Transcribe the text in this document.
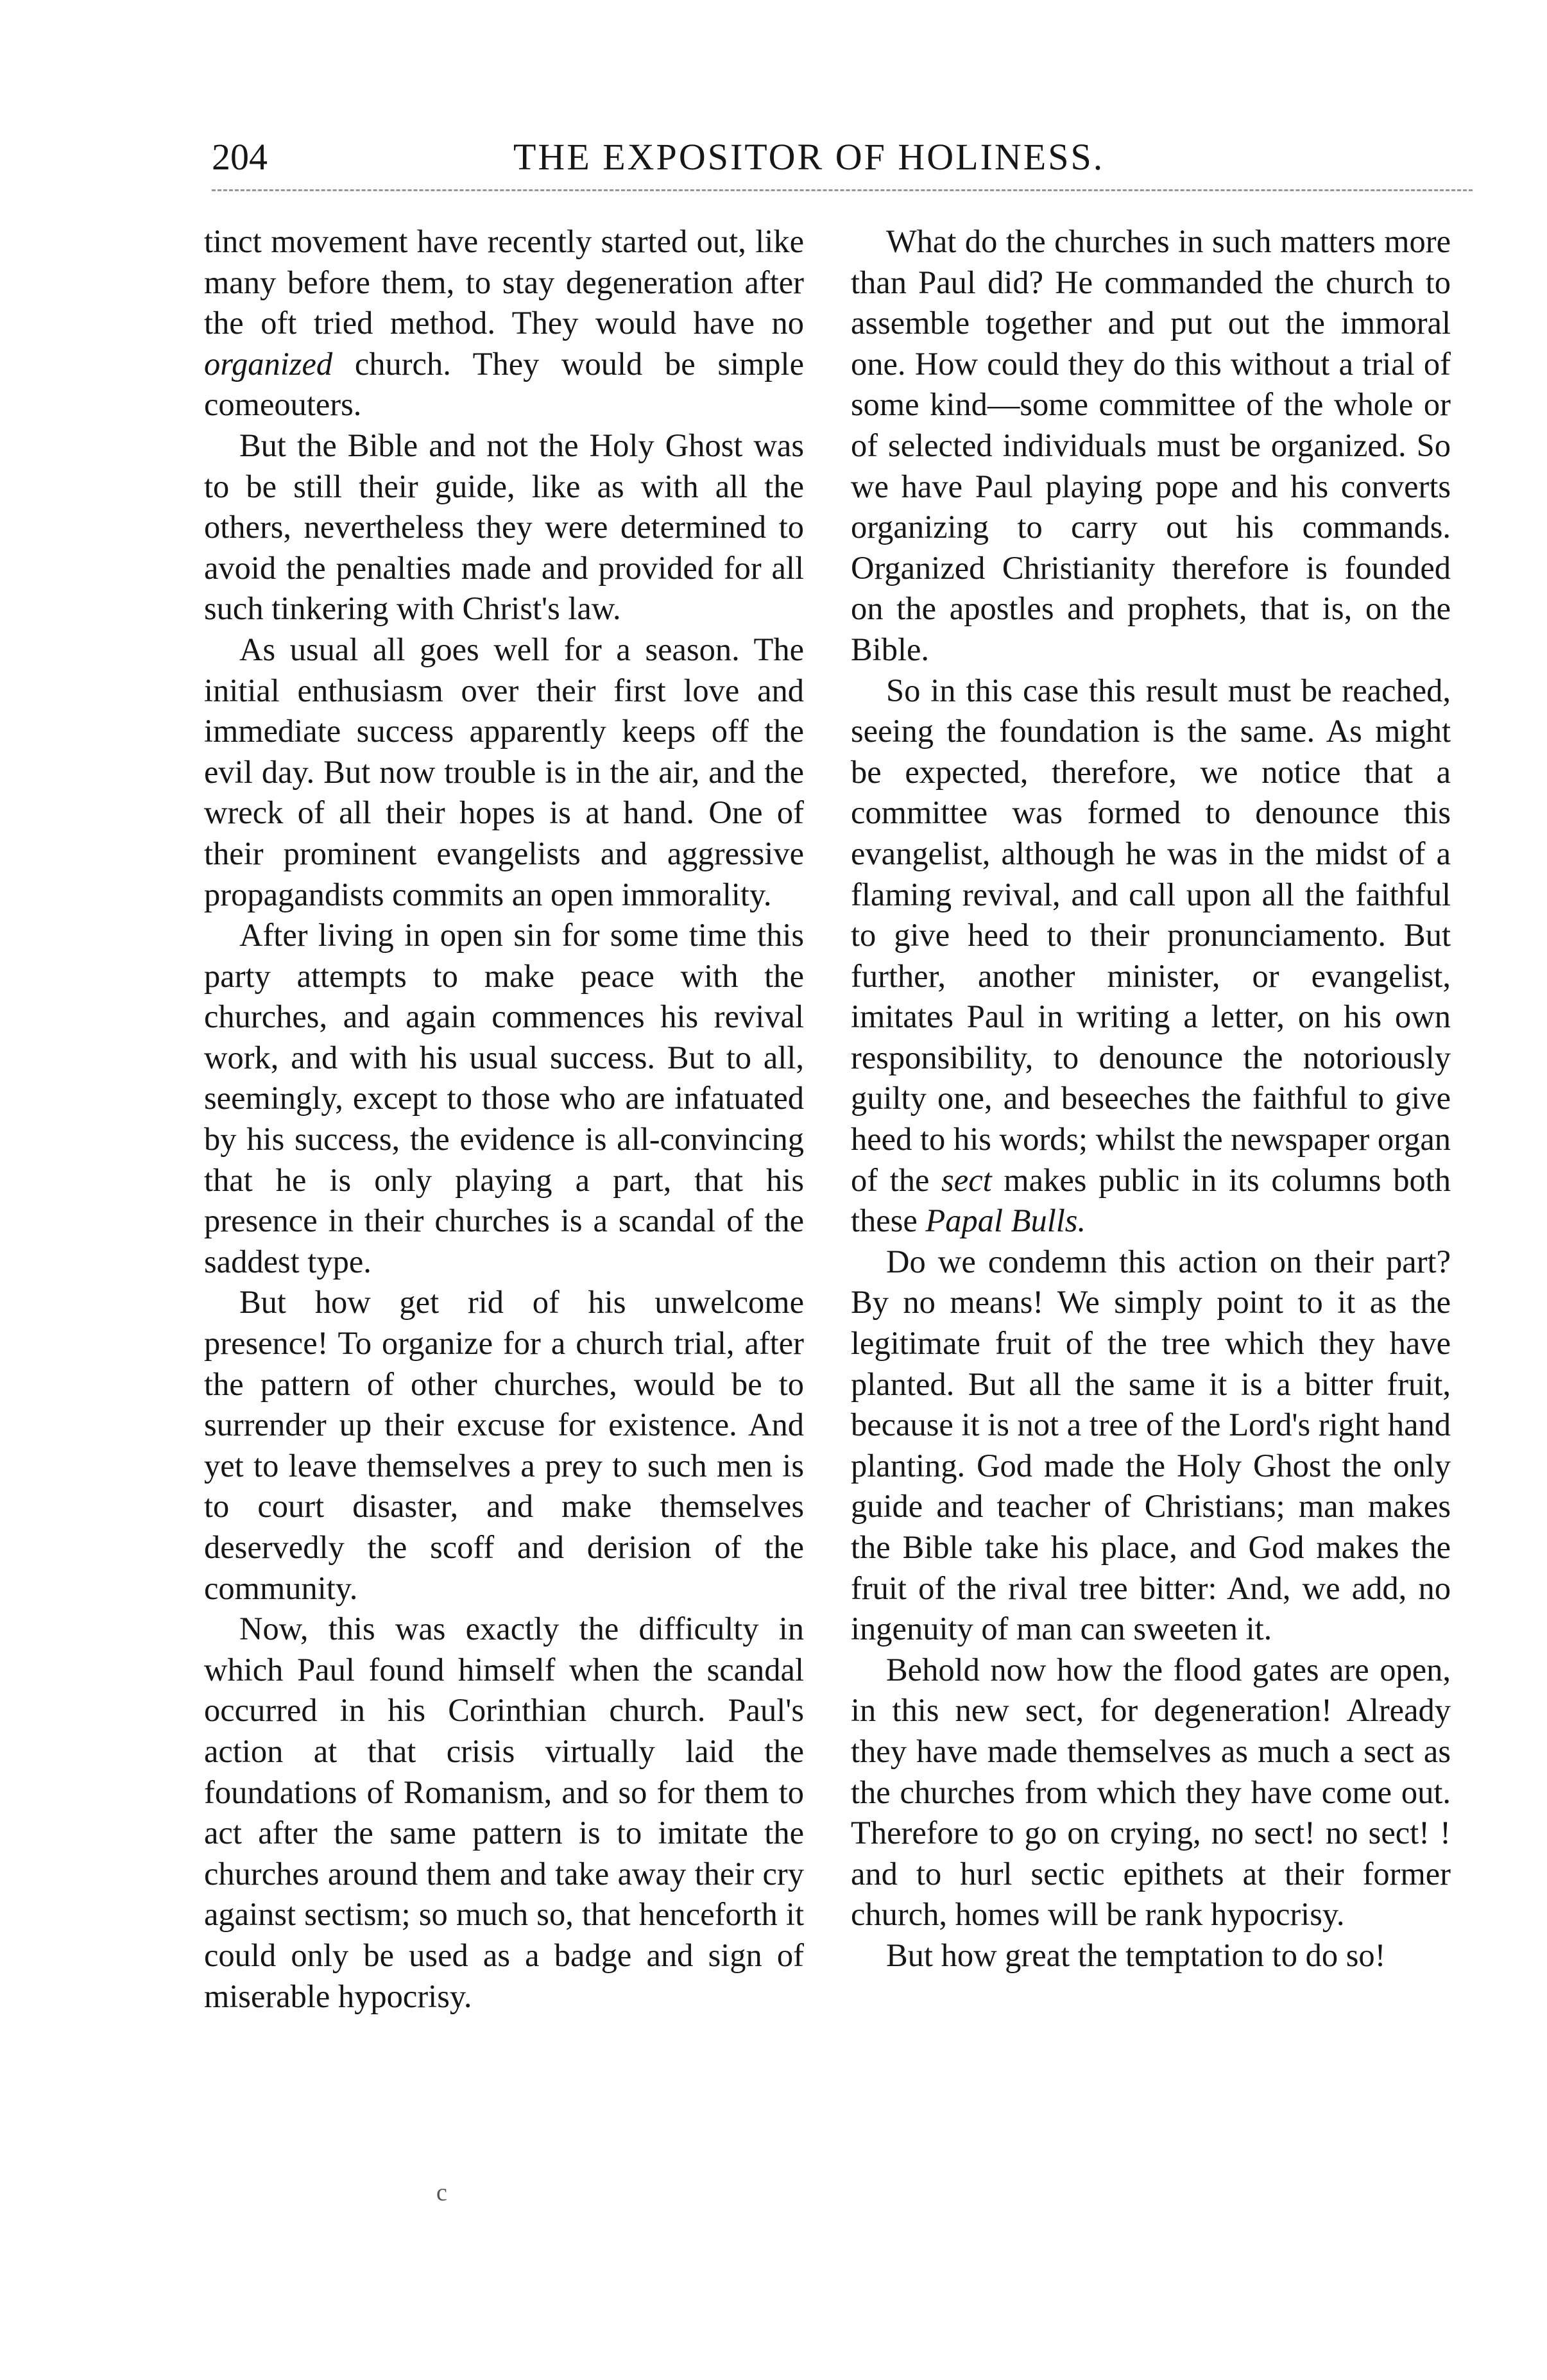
204	THE EXPOSITOR OF HOLINESS.

tinct movement have recently started out, like many before them, to stay degeneration after the oft tried method. They would have no organized church. They would be simple comeouters.

But the Bible and not the Holy Ghost was to be still their guide, like as with all the others, nevertheless they were determined to avoid the penalties made and provided for all such tinkering with Christ's law.

As usual all goes well for a season. The initial enthusiasm over their first love and immediate success apparently keeps off the evil day. But now trouble is in the air, and the wreck of all their hopes is at hand. One of their prominent evangelists and aggressive propagandists commits an open immorality.

After living in open sin for some time this party attempts to make peace with the churches, and again commences his revival work, and with his usual success. But to all, seemingly, except to those who are infatuated by his success, the evidence is all-convincing that he is only playing a part, that his presence in their churches is a scandal of the saddest type.

But how get rid of his unwelcome presence! To organize for a church trial, after the pattern of other churches, would be to surrender up their excuse for existence. And yet to leave themselves a prey to such men is to court disaster, and make themselves deservedly the scoff and derision of the community.

Now, this was exactly the difficulty in which Paul found himself when the scandal occurred in his Corinthian church. Paul's action at that crisis virtually laid the foundations of Romanism, and so for them to act after the same pattern is to imitate the churches around them and take away their cry against sectism; so much so, that henceforth it could only be used as a badge and sign of miserable hypocrisy.

What do the churches in such matters more than Paul did? He commanded the church to assemble together and put out the immoral one. How could they do this without a trial of some kind—some committee of the whole or of selected individuals must be organized. So we have Paul playing pope and his converts organizing to carry out his commands. Organized Christianity therefore is founded on the apostles and prophets, that is, on the Bible.

So in this case this result must be reached, seeing the foundation is the same. As might be expected, therefore, we notice that a committee was formed to denounce this evangelist, although he was in the midst of a flaming revival, and call upon all the faithful to give heed to their pronunciamento. But further, another minister, or evangelist, imitates Paul in writing a letter, on his own responsibility, to denounce the notoriously guilty one, and beseeches the faithful to give heed to his words; whilst the newspaper organ of the sect makes public in its columns both these Papal Bulls.

Do we condemn this action on their part? By no means! We simply point to it as the legitimate fruit of the tree which they have planted. But all the same it is a bitter fruit, because it is not a tree of the Lord's right hand planting. God made the Holy Ghost the only guide and teacher of Christians; man makes the Bible take his place, and God makes the fruit of the rival tree bitter: And, we add, no ingenuity of man can sweeten it.

Behold now how the flood gates are open, in this new sect, for degeneration! Already they have made themselves as much a sect as the churches from which they have come out. Therefore to go on crying, no sect! no sect! ! and to hurl sectic epithets at their former church, homes will be rank hypocrisy.

But how great the temptation to do so!

c
